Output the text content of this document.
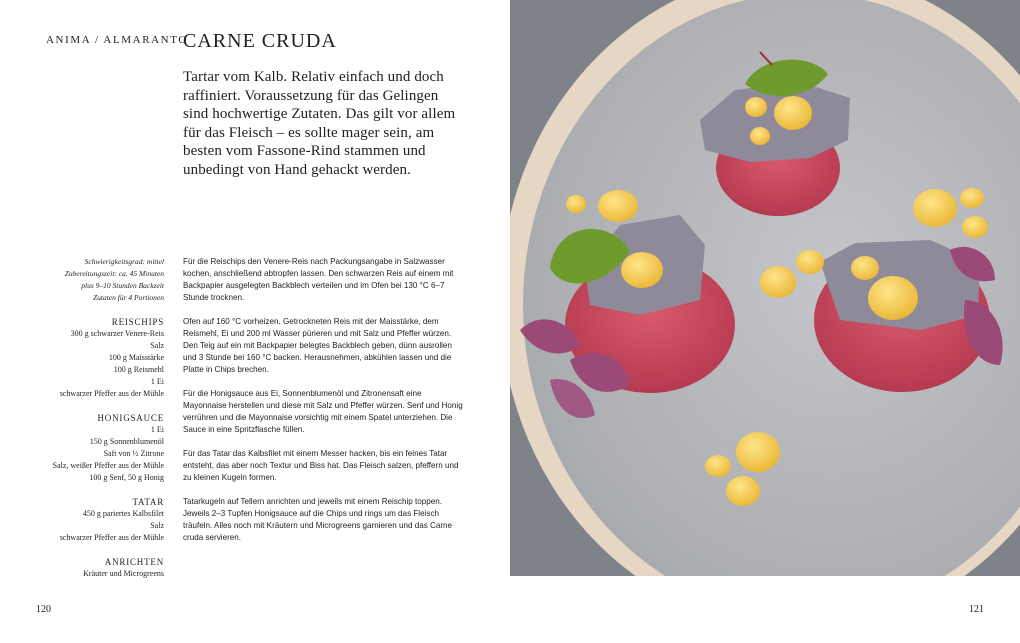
ANIMA / ALMARANTO
CARNE CRUDA

Tartar vom Kalb. Relativ einfach und doch raffiniert. Voraussetzung für das Gelingen sind hochwertige Zutaten. Das gilt vor allem für das Fleisch – es sollte mager sein, am besten vom Fassone-Rind stammen und unbedingt von Hand gehackt werden.

Schwierigkeitsgrad: mittel
Zubereitungszeit: ca. 45 Minuten
plus 9–10 Stunden Backzeit
Zutaten für 4 Portionen
REISCHIPS
300 g schwarzer Venere-Reis
Salz
100 g Maisstärke
100 g Reismehl
1 Ei
schwarzer Pfeffer aus der Mühle
HONIGSAUCE
1 Ei
150 g Sonnenblumenöl
Saft von ½ Zitrone
Salz, weißer Pfeffer aus der Mühle
100 g Senf, 50 g Honig
TATAR
450 g pariertes Kalbsfilet
Salz
schwarzer Pfeffer aus der Mühle
ANRICHTEN
Kräuter und Microgreens

Für die Reischips den Venere-Reis nach Packungsangabe in Salzwasser kochen, anschließend abtropfen lassen. Den schwarzen Reis auf einem mit Backpapier ausgelegten Backblech verteilen und im Ofen bei 130 °C 6–7 Stunde trocknen.

Ofen auf 160 °C vorheizen. Getrockneten Reis mit der Maisstärke, dem Reismehl, Ei und 200 ml Wasser pürieren und mit Salz und Pfeffer würzen. Den Teig auf ein mit Backpapier belegtes Backblech geben, dünn ausrollen und 3 Stunde bei 160 °C backen. Herausnehmen, abkühlen lassen und die Platte in Chips brechen.

Für die Honigsauce aus Ei, Sonnenblumenöl und Zitronensaft eine Mayonnaise herstellen und diese mit Salz und Pfeffer würzen. Senf und Honig verrühren und die Mayonnaise vorsichtig mit einem Spatel unterziehen. Die Sauce in eine Spritzflasche füllen.

Für das Tatar das Kalbsfilet mit einem Messer hacken, bis ein feines Tatar entsteht, das aber noch Textur und Biss hat. Das Fleisch salzen, pfeffern und zu kleinen Kugeln formen.

Tatarkugeln auf Tellern anrichten und jeweils mit einem Reischip toppen. Jeweils 2–3 Tupfen Honigsauce auf die Chips und rings um das Fleisch träufeln. Alles noch mit Kräutern und Microgreens garnieren und das Carne cruda servieren.

120	121
